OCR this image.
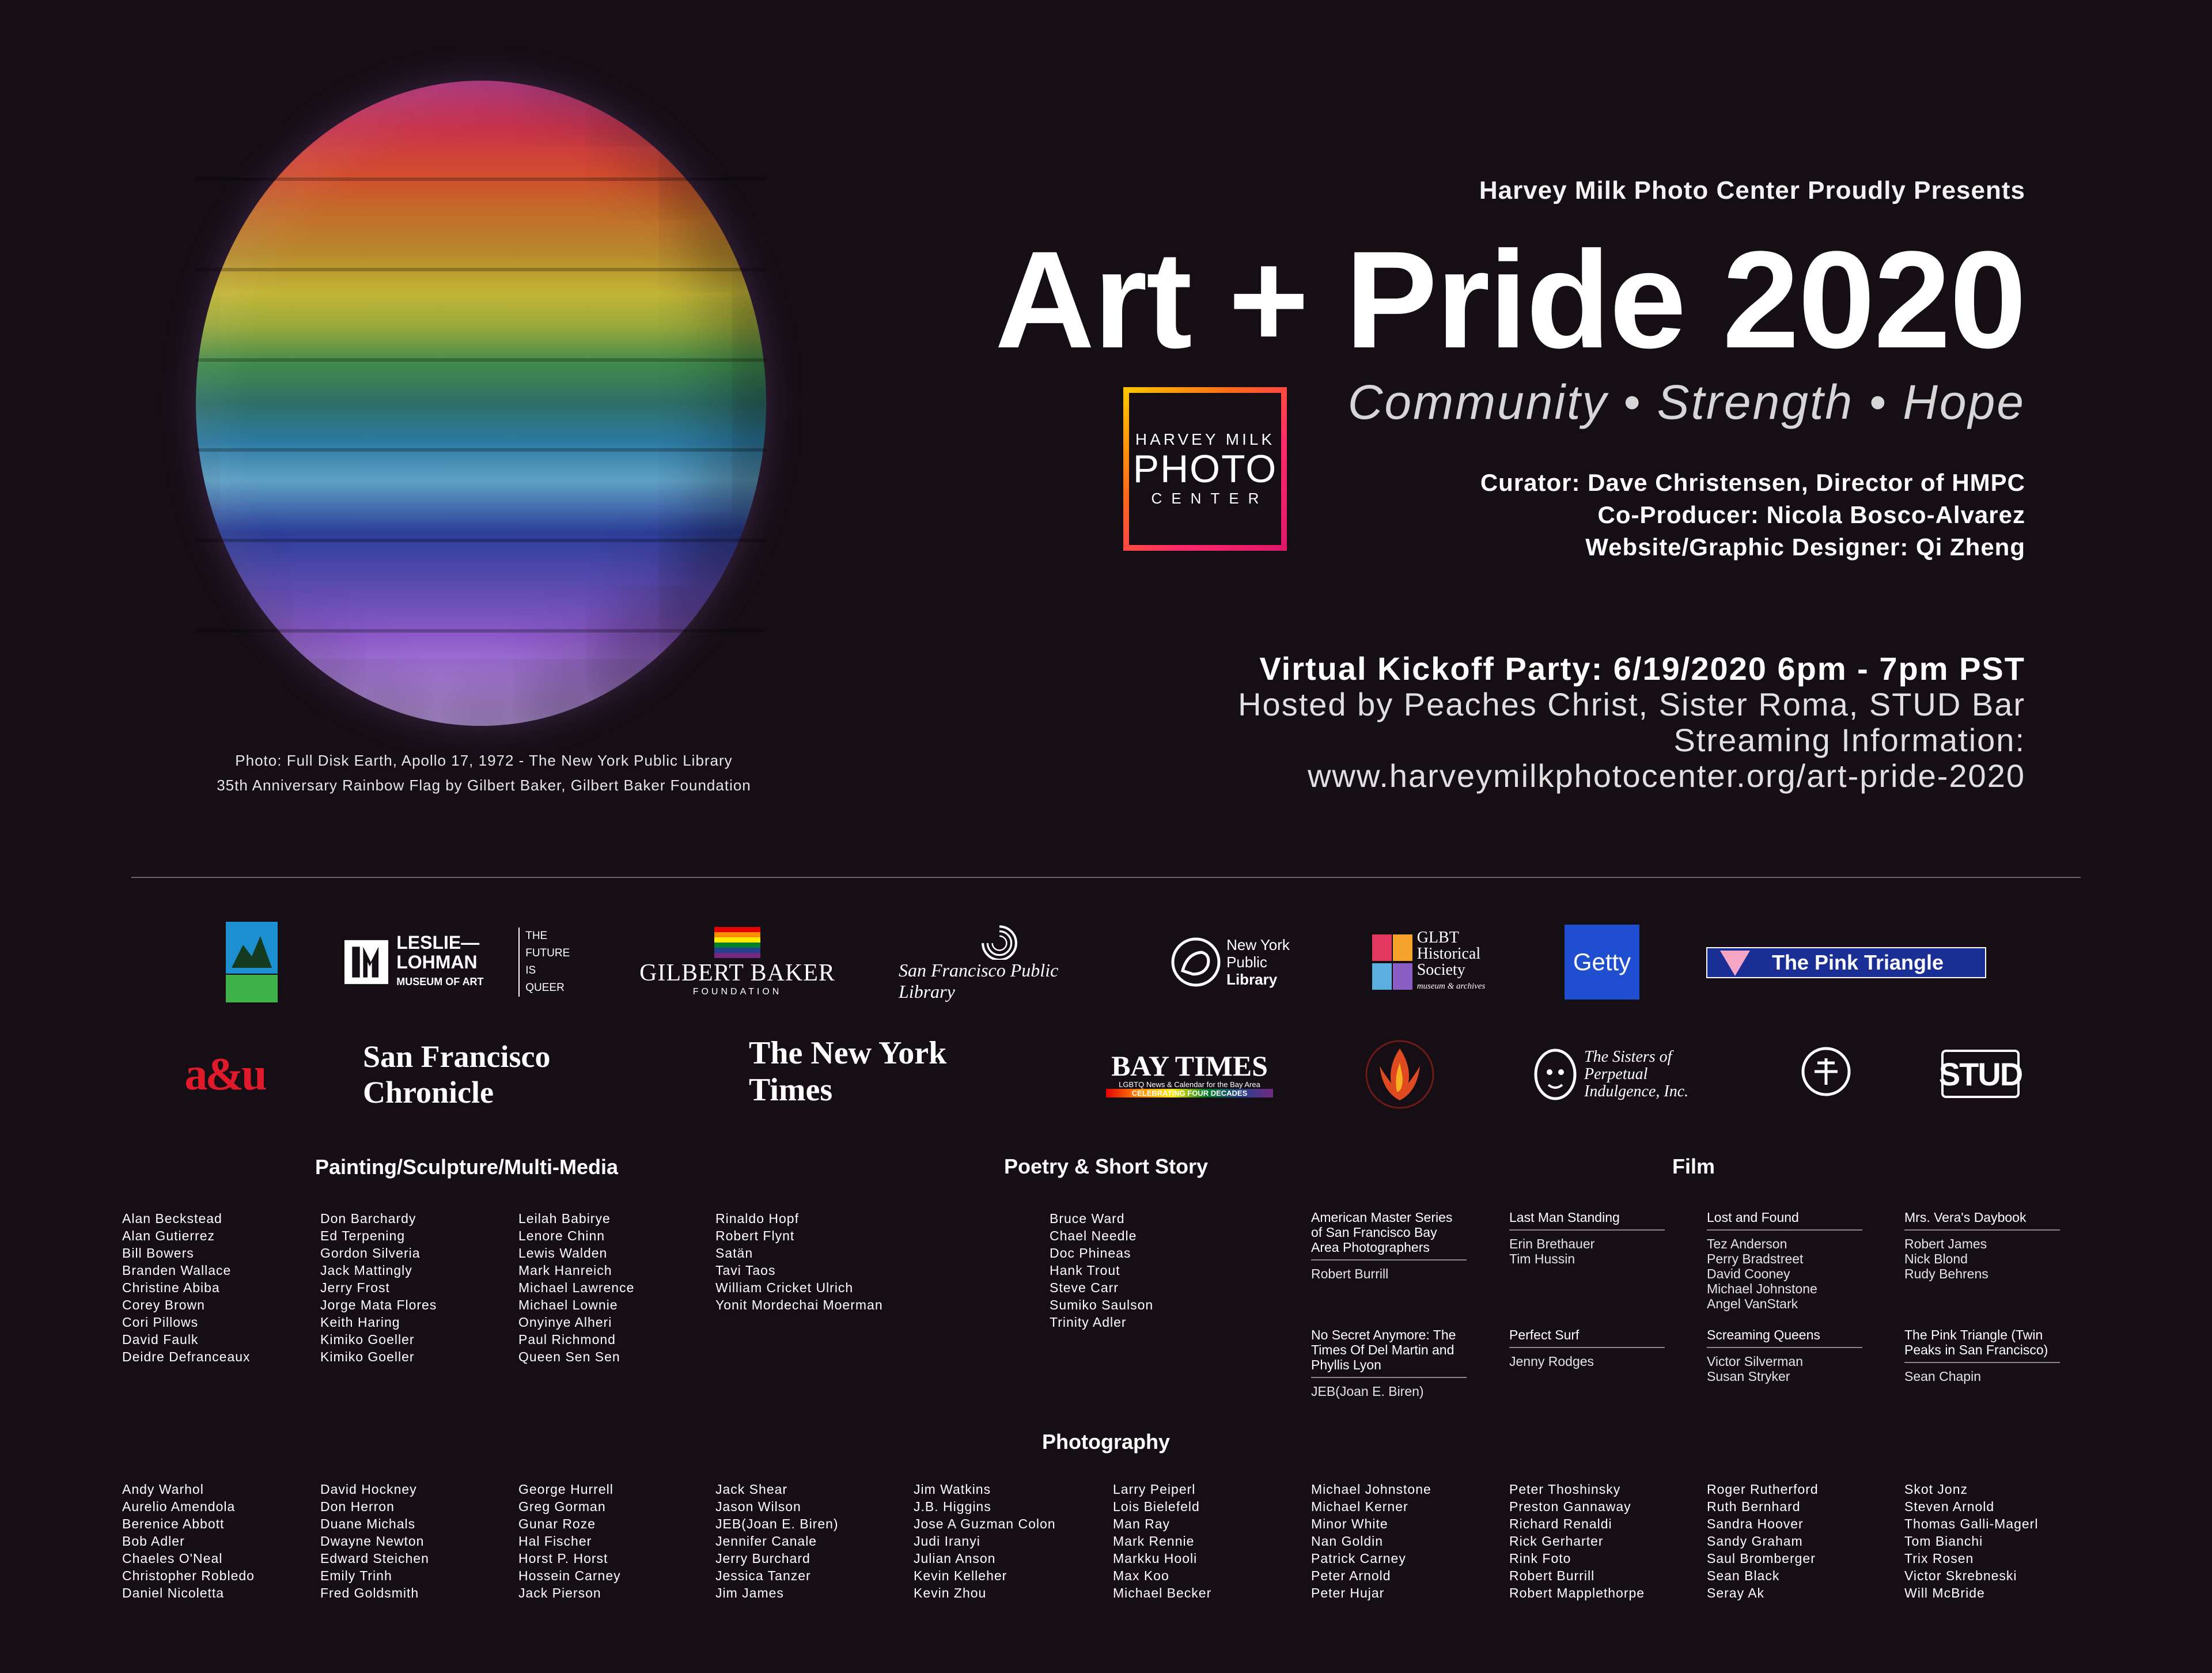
Photo: Full Disk Earth, Apollo 17, 1972 - The New York Public Library
35th Anniversary Rainbow Flag by Gilbert Baker, Gilbert Baker Foundation
Harvey Milk Photo Center Proudly Presents
Art + Pride 2020
Community • Strength • Hope
HARVEY MILK
PHOTO
CENTER
Curator: Dave Christensen, Director of HMPC
Co-Producer: Nicola Bosco-Alvarez
Website/Graphic Designer: Qi Zheng
Virtual Kickoff Party: 6/19/2020 6pm - 7pm PST
Hosted by Peaches Christ, Sister Roma, STUD Bar
Streaming Information:
www.harveymilkphotocenter.org/art-pride-2020
LESLIE— LOHMAN
MUSEUM OF ART
THE FUTURE IS QUEER
GILBERT BAKER
FOUNDATION
San Francisco Public Library
New York
Public
Library
GLBT
Historical
Society
museum & archives
Getty	The Pink Triangle
a&u	San Francisco Chronicle
The New York Times
BAY TIMES
LGBTQ News & Calendar for the Bay Area
CELEBRATING FOUR DECADES
The Sisters of Perpetual Indulgence, Inc.	STUD
Painting/Sculpture/Multi-Media	Poetry & Short Story	Film
Photography
Alan Beckstead
Alan Gutierrez
Bill Bowers
Branden Wallace
Christine Abiba
Corey Brown
Cori Pillows
David Faulk
Deidre Defranceaux
Don Barchardy
Ed Terpening
Gordon Silveria
Jack Mattingly
Jerry Frost
Jorge Mata Flores
Keith Haring
Kimiko Goeller
Kimiko Goeller
Leilah Babirye
Lenore Chinn
Lewis Walden
Mark Hanreich
Michael Lawrence
Michael Lownie
Onyinye Alheri
Paul Richmond
Queen Sen Sen
Rinaldo Hopf
Robert Flynt
Satän
Tavi Taos
William Cricket Ulrich
Yonit Mordechai Moerman
Bruce Ward
Chael Needle
Doc Phineas
Hank Trout
Steve Carr
Sumiko Saulson
Trinity Adler
American Master Series of San Francisco Bay Area Photographers
Robert Burrill
Last Man Standing
Erin Brethauer
Tim Hussin
Lost and Found
Tez Anderson
Perry Bradstreet
David Cooney
Michael Johnstone
Angel VanStark
Mrs. Vera's Daybook
Robert James
Nick Blond
Rudy Behrens
No Secret Anymore: The Times Of Del Martin and Phyllis Lyon
JEB(Joan E. Biren)
Perfect Surf
Jenny Rodges
Screaming Queens
Victor Silverman
Susan Stryker
The Pink Triangle (Twin Peaks in San Francisco)
Sean Chapin
Andy Warhol
Aurelio Amendola
Berenice Abbott
Bob Adler
Chaeles O'Neal
Christopher Robledo
Daniel Nicoletta
David Hockney
Don Herron
Duane Michals
Dwayne Newton
Edward Steichen
Emily Trinh
Fred Goldsmith
George Hurrell
Greg Gorman
Gunar Roze
Hal Fischer
Horst P. Horst
Hossein Carney
Jack Pierson
Jack Shear
Jason Wilson
JEB(Joan E. Biren)
Jennifer Canale
Jerry Burchard
Jessica Tanzer
Jim James
Jim Watkins
J.B. Higgins
Jose A Guzman Colon
Judi Iranyi
Julian Anson
Kevin Kelleher
Kevin Zhou
Larry Peiperl
Lois Bielefeld
Man Ray
Mark Rennie
Markku Hooli
Max Koo
Michael Becker
Michael Johnstone
Michael Kerner
Minor White
Nan Goldin
Patrick Carney
Peter Arnold
Peter Hujar
Peter Thoshinsky
Preston Gannaway
Richard Renaldi
Rick Gerharter
Rink Foto
Robert Burrill
Robert Mapplethorpe
Roger Rutherford
Ruth Bernhard
Sandra Hoover
Sandy Graham
Saul Bromberger
Sean Black
Seray Ak
Skot Jonz
Steven Arnold
Thomas Galli-Magerl
Tom Bianchi
Trix Rosen
Victor Skrebneski
Will McBride
